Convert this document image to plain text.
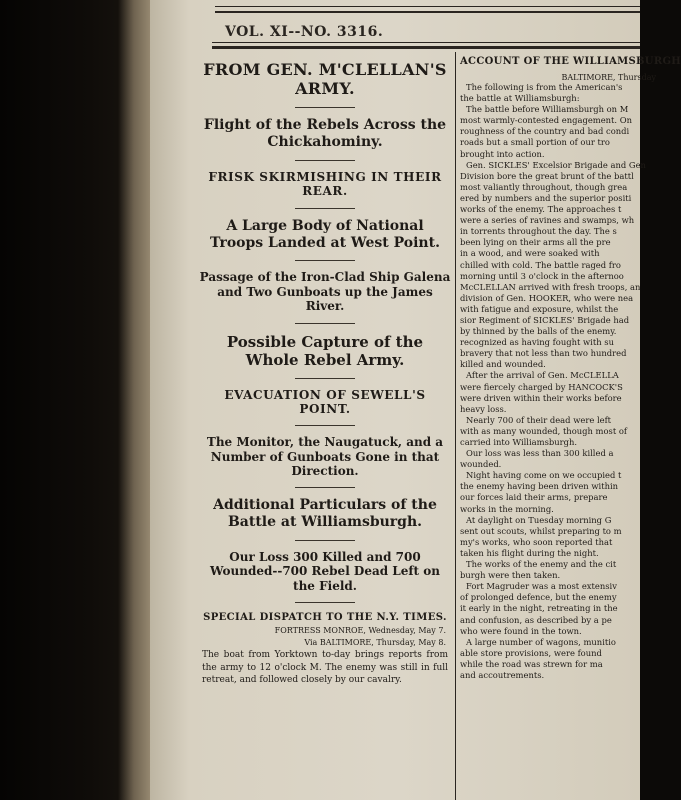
VOL. XI--NO. 3316.

FROM GEN. M'CLELLAN'S ARMY.

Flight of the Rebels Across the Chickahominy.

FRISK SKIRMISHING IN THEIR REAR.

A Large Body of National Troops Landed at West Point.

Passage of the Iron-Clad Ship Galena and Two Gunboats up the James River.

Possible Capture of the Whole Rebel Army.

EVACUATION OF SEWELL'S POINT.

The Monitor, the Naugatuck, and a Number of Gunboats Gone in that Direction.

Additional Particulars of the Battle at Williamsburgh.

Our Loss 300 Killed and 700 Wounded--700 Rebel Dead Left on the Field.

SPECIAL DISPATCH TO THE N.Y. TIMES.

FORTRESS MONROE, Wednesday, May 7.
Via BALTIMORE, Thursday, May 8.

The boat from Yorktown to-day brings reports from the army to 12 o'clock M. The enemy was still in full retreat, and followed closely by our cavalry.

ACCOUNT OF THE WILLIAMSBURGH
BALTIMORE, Thursday

The following is from the American's

the battle at Williamsburgh:

The battle before Williamsburgh on M

most warmly-contested engagement. On

roughness of the country and bad condi

roads but a small portion of our tro

brought into action.

Gen. SICKLES' Excelsior Brigade and Gen

Division bore the great brunt of the battl

most valiantly throughout, though grea

ered by numbers and the superior positi

works of the enemy. The approaches t

were a series of ravines and swamps, wh

in torrents throughout the day. The s

been lying on their arms all the pre

in a wood, and were soaked with

chilled with cold. The battle raged fro

morning until 3 o'clock in the afternoo

McCLELLAN arrived with fresh troops, an

division of Gen. HOOKER, who were nea

with fatigue and exposure, whilst the

sior Regiment of SICKLES' Brigade had

by thinned by the balls of the enemy.

recognized as having fought with su

bravery that not less than two hundred

killed and wounded.

After the arrival of Gen. McCLELLA

were fiercely charged by HANCOCK'S

were driven within their works before

heavy loss.

Nearly 700 of their dead were left

with as many wounded, though most of

carried into Williamsburgh.

Our loss was less than 300 killed a

wounded.

Night having come on we occupied t

the enemy having been driven within

our forces laid their arms, prepare

works in the morning.

At daylight on Tuesday morning G

sent out scouts, whilst preparing to m

my's works, who soon reported that

taken his flight during the night.

The works of the enemy and the cit

burgh were then taken.

Fort Magruder was a most extensiv

of prolonged defence, but the enemy

it early in the night, retreating in the

and confusion, as described by a pe

who were found in the town.

A large number of wagons, munitio

able store provisions, were found

while the road was strewn for ma

and accoutrements.
